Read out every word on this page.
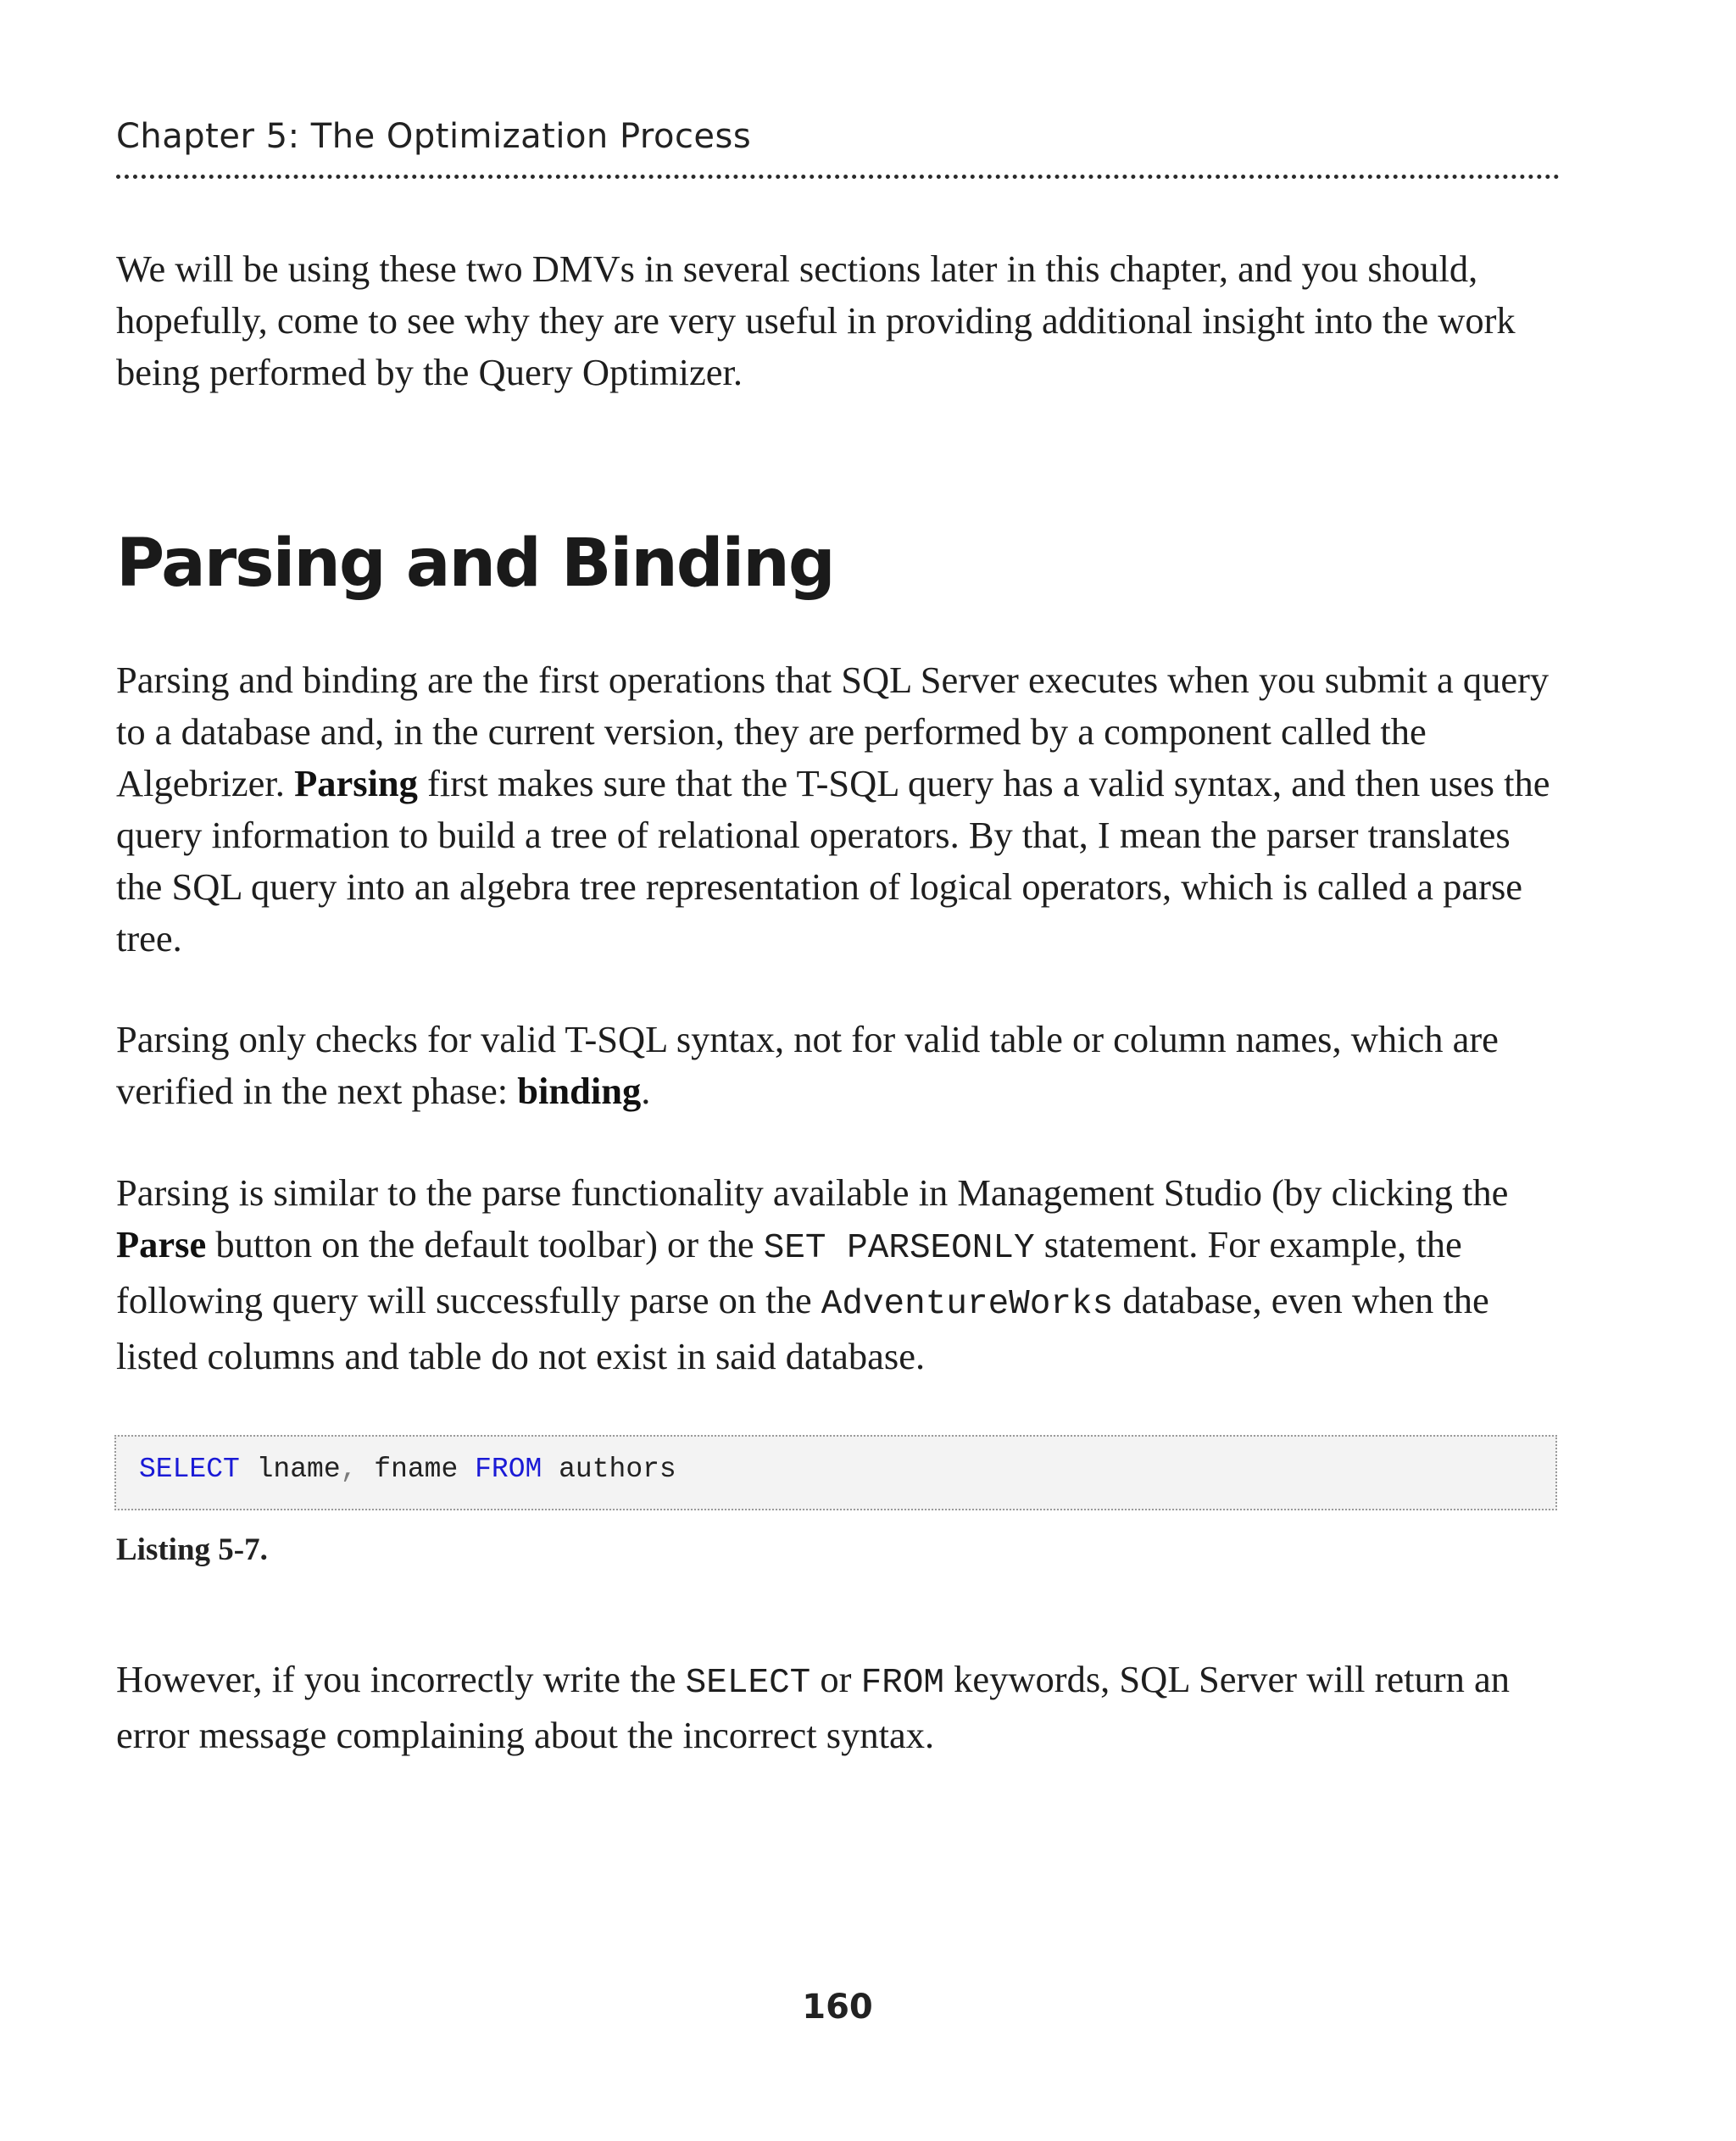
Chapter 5: The Optimization Process

We will be using these two DMVs in several sections later in this chapter, and you should, hopefully, come to see why they are very useful in providing additional insight into the work being performed by the Query Optimizer.

Parsing and Binding

Parsing and binding are the first operations that SQL Server executes when you submit a query to a database and, in the current version, they are performed by a component called the Algebrizer. Parsing first makes sure that the T-SQL query has a valid syntax, and then uses the query information to build a tree of relational operators. By that, I mean the parser translates the SQL query into an algebra tree representation of logical operators, which is called a parse tree.

Parsing only checks for valid T-SQL syntax, not for valid table or column names, which are verified in the next phase: binding.

Parsing is similar to the parse functionality available in Management Studio (by clicking the Parse button on the default toolbar) or the SET PARSEONLY statement. For example, the following query will successfully parse on the AdventureWorks database, even when the listed columns and table do not exist in said database.

SELECT lname, fname FROM authors
Listing 5-7.

However, if you incorrectly write the SELECT or FROM keywords, SQL Server will return an error message complaining about the incorrect syntax.

160
